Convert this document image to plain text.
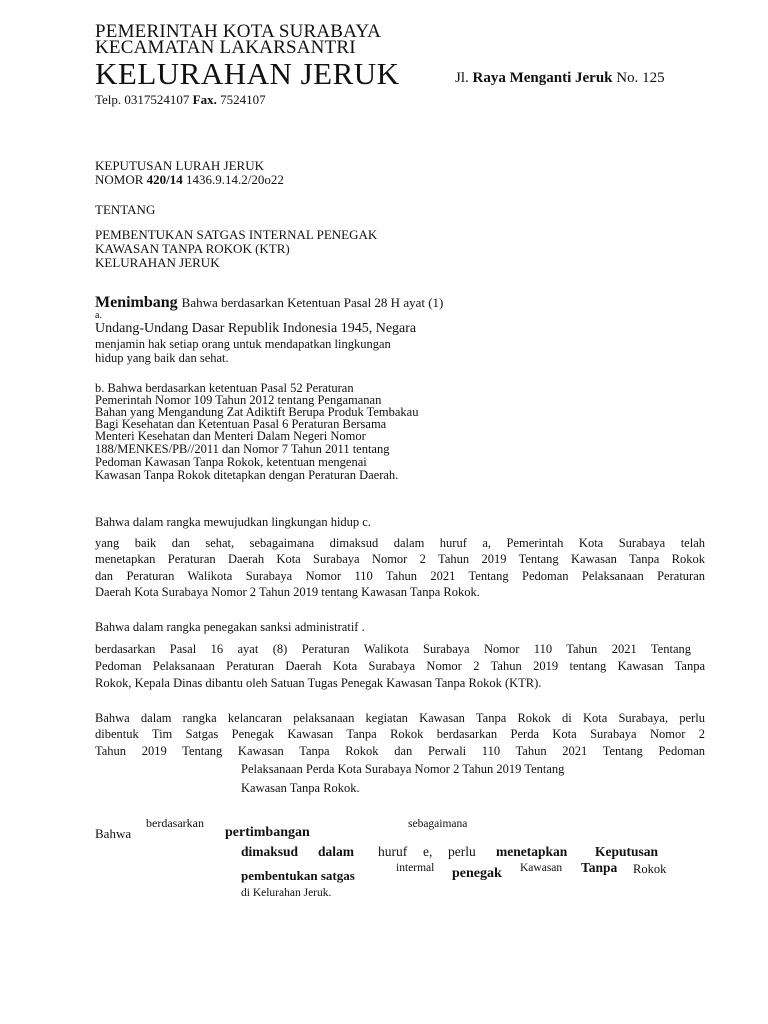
PEMERINTAH KOTA SURABAYA
KECAMATAN LAKARSANTRI
KELURAHAN JERUK	Jl. Raya Menganti Jeruk No. 125
Telp. 0317524107 Fax. 7524107
KEPUTUSAN LURAH JERUK
NOMOR 420/14 1436.9.14.2/20o22
TENTANG
PEMBENTUKAN SATGAS INTERNAL PENEGAK
KAWASAN TANPA ROKOK (KTR)
KELURAHAN JERUK
Menimbang Bahwa berdasarkan Ketentuan Pasal 28 H ayat (1)
a.
Undang-Undang Dasar Republik Indonesia 1945, Negara
menjamin hak setiap orang untuk mendapatkan lingkungan
hidup yang baik dan sehat.
b. Bahwa berdasarkan ketentuan Pasal 52 Peraturan
Pemerintah Nomor 109 Tahun 2012 tentang Pengamanan
Bahan yang Mengandung Zat Adiktift Berupa Produk Tembakau
Bagi Kesehatan dan Ketentuan Pasal 6 Peraturan Bersama
Menteri Kesehatan dan Menteri Dalam Negeri Nomor
188/MENKES/PB//2011 dan Nomor 7 Tahun 2011 tentang
Pedoman Kawasan Tanpa Rokok, ketentuan mengenai
Kawasan Tanpa Rokok ditetapkan dengan Peraturan Daerah.
Bahwa dalam rangka mewujudkan lingkungan hidup c.
yang baik dan sehat, sebagaimana dimaksud dalam huruf a, Pemerintah Kota Surabaya telah
menetapkan Peraturan Daerah Kota Surabaya Nomor 2 Tahun 2019 Tentang Kawasan Tanpa Rokok
dan Peraturan Walikota Surabaya Nomor 110 Tahun 2021 Tentang Pedoman Pelaksanaan Peraturan
Daerah Kota Surabaya Nomor 2 Tahun 2019 tentang Kawasan Tanpa Rokok.
Bahwa dalam rangka penegakan sanksi administratif .
berdasarkan Pasal 16 ayat (8) Peraturan Walikota Surabaya Nomor 110 Tahun 2021 Tentang
Pedoman Pelaksanaan Peraturan Daerah Kota Surabaya Nomor 2 Tahun 2019 tentang Kawasan Tanpa
Rokok, Kepala Dinas dibantu oleh Satuan Tugas Penegak Kawasan Tanpa Rokok (KTR).
Bahwa dalam rangka kelancaran pelaksanaan kegiatan Kawasan Tanpa Rokok di Kota Surabaya, perlu
dibentuk Tim Satgas Penegak Kawasan Tanpa Rokok berdasarkan Perda Kota Surabaya Nomor 2
Tahun 2019 Tentang Kawasan Tanpa Rokok dan Perwali 110 Tahun 2021 Tentang Pedoman
Pelaksanaan Perda Kota Surabaya Nomor 2 Tahun 2019 Tentang
Kawasan Tanpa Rokok.
Bahwa
berdasarkan
pertimbangan
sebagaimana
dimaksud dalam huruf e, perlu menetapkan Keputusan
pembentukan satgas	intermal penegak Kawasan Tanpa Rokok
di Kelurahan Jeruk.
